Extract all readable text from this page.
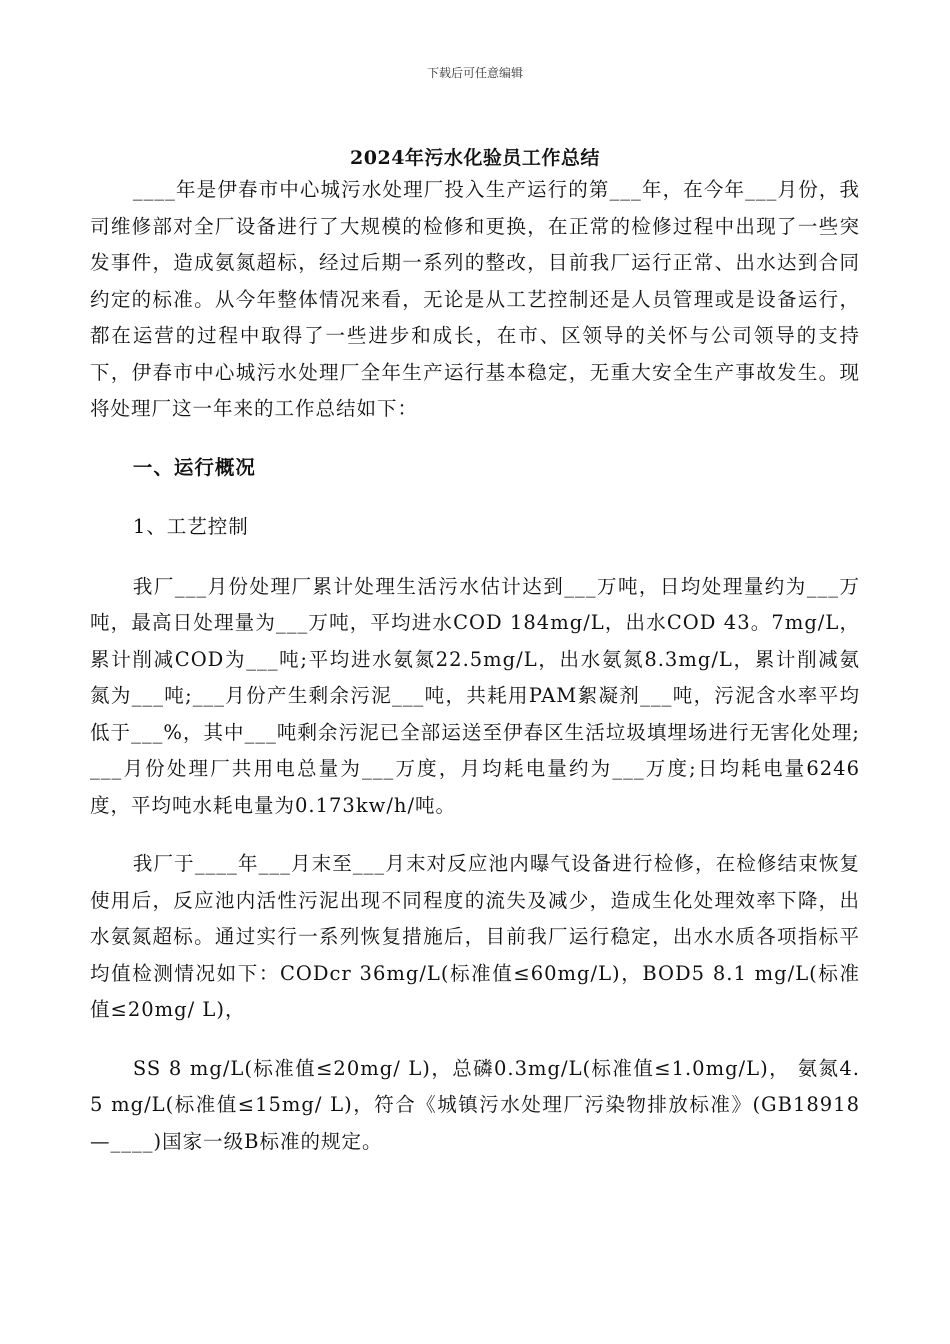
下载后可任意编辑
2024年污水化验员工作总结

____年是伊春市中心城污水处理厂投入生产运行的第___年，在今年___月份，我司维修部对全厂设备进行了大规模的检修和更换，在正常的检修过程中出现了一些突发事件，造成氨氮超标，经过后期一系列的整改，目前我厂运行正常、出水达到合同约定的标准。从今年整体情况来看，无论是从工艺控制还是人员管理或是设备运行，都在运营的过程中取得了一些进步和成长，在市、区领导的关怀与公司领导的支持下，伊春市中心城污水处理厂全年生产运行基本稳定，无重大安全生产事故发生。现将处理厂这一年来的工作总结如下：

一、运行概况

1、工艺控制

我厂___月份处理厂累计处理生活污水估计达到___万吨，日均处理量约为___万吨，最高日处理量为___万吨，平均进水COD 184mg/L，出水COD 43。7mg/L，累计削减COD为___吨;平均进水氨氮22.5mg/L，出水氨氮8.3mg/L，累计削减氨氮为___吨;___月份产生剩余污泥___吨，共耗用PAM絮凝剂___吨，污泥含水率平均低于___%，其中___吨剩余污泥已全部运送至伊春区生活垃圾填埋场进行无害化处理;___月份处理厂共用电总量为___万度，月均耗电量约为___万度;日均耗电量6246度，平均吨水耗电量为0.173kw/h/吨。

我厂于____年___月末至___月末对反应池内曝气设备进行检修，在检修结束恢复使用后，反应池内活性污泥出现不同程度的流失及减少，造成生化处理效率下降，出水氨氮超标。通过实行一系列恢复措施后，目前我厂运行稳定，出水水质各项指标平均值检测情况如下：CODcr 36mg/L(标准值≤60mg/L)，BOD5 8.1 mg/L(标准值≤20mg/ L)，

SS 8 mg/L(标准值≤20mg/ L)，总磷0.3mg/L(标准值≤1.0mg/L)， 氨氮4.5 mg/L(标准值≤15mg/ L)，符合《城镇污水处理厂污染物排放标准》(GB18918—____)国家一级B标准的规定。
